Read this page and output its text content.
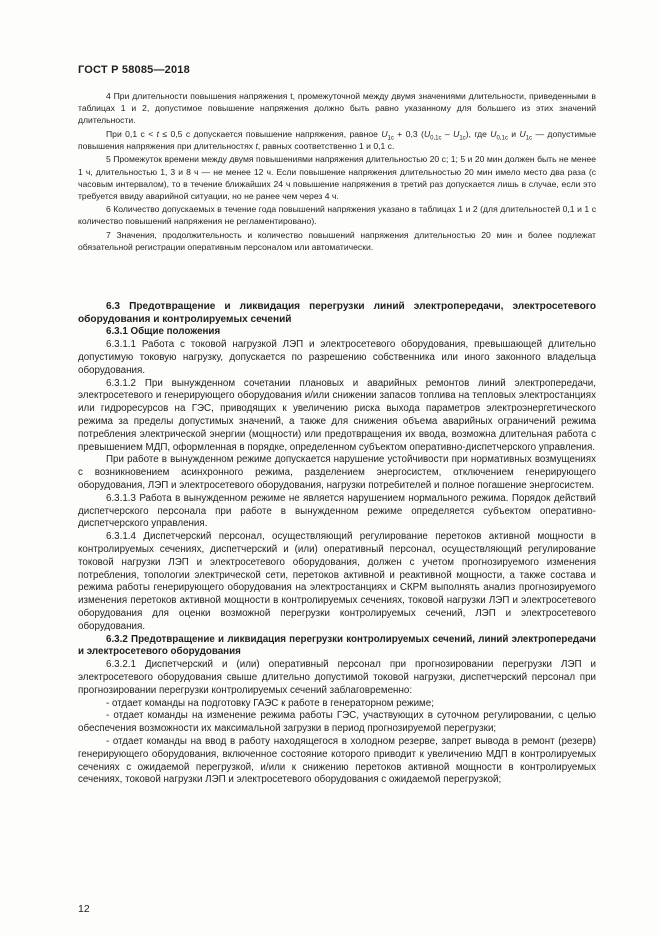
ГОСТ Р 58085—2018

4 При длительности повышения напряжения t, промежуточной между двумя значениями длительности, приведенными в таблицах 1 и 2, допустимое повышение напряжения должно быть равно указанному для большего из этих значений длительности.

При 0,1 с < t ≤ 0,5 с допускается повышение напряжения, равное $U_{1c} + 0,3$ $(U_{0,1c} - U_{1c})$, где $U_{0,1c}$ и $U_{1c}$ — допустимые повышения напряжения при длительностях t, равных соответственно 1 и 0,1 с.

5 Промежуток времени между двумя повышениями напряжения длительностью 20 с; 1; 5 и 20 мин должен быть не менее 1 ч, длительностью 1, 3 и 8 ч — не менее 12 ч. Если повышение напряжения длительностью 20 мин имело место два раза (с часовым интервалом), то в течение ближайших 24 ч повышение напряжения в третий раз допускается лишь в случае, если это требуется ввиду аварийной ситуации, но не ранее чем через 4 ч.

6 Количество допускаемых в течение года повышений напряжения указано в таблицах 1 и 2 (для длительностей 0,1 и 1 с количество повышений напряжения не регламентировано).

7 Значения, продолжительность и количество повышений напряжения длительностью 20 мин и более подлежат обязательной регистрации оперативным персоналом или автоматически.

6.3 Предотвращение и ликвидация перегрузки линий электропередачи, электросетевого оборудования и контролируемых сечений

6.3.1 Общие положения

6.3.1.1 Работа с токовой нагрузкой ЛЭП и электросетевого оборудования, превышающей длительно допустимую токовую нагрузку, допускается по разрешению собственника или иного законного владельца оборудования.

6.3.1.2 При вынужденном сочетании плановых и аварийных ремонтов линий электропередачи, электросетевого и генерирующего оборудования и/или снижении запасов топлива на тепловых электростанциях или гидроресурсов на ГЭС, приводящих к увеличению риска выхода параметров электроэнергетического режима за пределы допустимых значений, а также для снижения объема аварийных ограничений режима потребления электрической энергии (мощности) или предотвращения их ввода, возможна длительная работа с превышением МДП, оформленная в порядке, определенном субъектом оперативно-диспетчерского управления.

При работе в вынужденном режиме допускается нарушение устойчивости при нормативных возмущениях с возникновением асинхронного режима, разделением энергосистем, отключением генерирующего оборудования, ЛЭП и электросетевого оборудования, нагрузки потребителей и полное погашение энергосистем.

6.3.1.3 Работа в вынужденном режиме не является нарушением нормального режима. Порядок действий диспетчерского персонала при работе в вынужденном режиме определяется субъектом оперативно-диспетчерского управления.

6.3.1.4 Диспетчерский персонал, осуществляющий регулирование перетоков активной мощности в контролируемых сечениях, диспетчерский и (или) оперативный персонал, осуществляющий регулирование токовой нагрузки ЛЭП и электросетевого оборудования, должен с учетом прогнозируемого изменения потребления, топологии электрической сети, перетоков активной и реактивной мощности, а также состава и режима работы генерирующего оборудования на электростанциях и СКРМ выполнять анализ прогнозируемого изменения перетоков активной мощности в контролируемых сечениях, токовой нагрузки ЛЭП и электросетевого оборудования для оценки возможной перегрузки контролируемых сечений, ЛЭП и электросетевого оборудования.

6.3.2 Предотвращение и ликвидация перегрузки контролируемых сечений, линий электропередачи и электросетевого оборудования

6.3.2.1 Диспетчерский и (или) оперативный персонал при прогнозировании перегрузки ЛЭП и электросетевого оборудования свыше длительно допустимой токовой нагрузки, диспетчерский персонал при прогнозировании перегрузки контролируемых сечений заблаговременно:

- отдает команды на подготовку ГАЭС к работе в генераторном режиме;

- отдает команды на изменение режима работы ГЭС, участвующих в суточном регулировании, с целью обеспечения возможности их максимальной загрузки в период прогнозируемой перегрузки;

- отдает команды на ввод в работу находящегося в холодном резерве, запрет вывода в ремонт (резерв) генерирующего оборудования, включенное состояние которого приводит к увеличению МДП в контролируемых сечениях с ожидаемой перегрузкой, и/или к снижению перетоков активной мощности в контролируемых сечениях, токовой нагрузки ЛЭП и электросетевого оборудования с ожидаемой перегрузкой;

12
